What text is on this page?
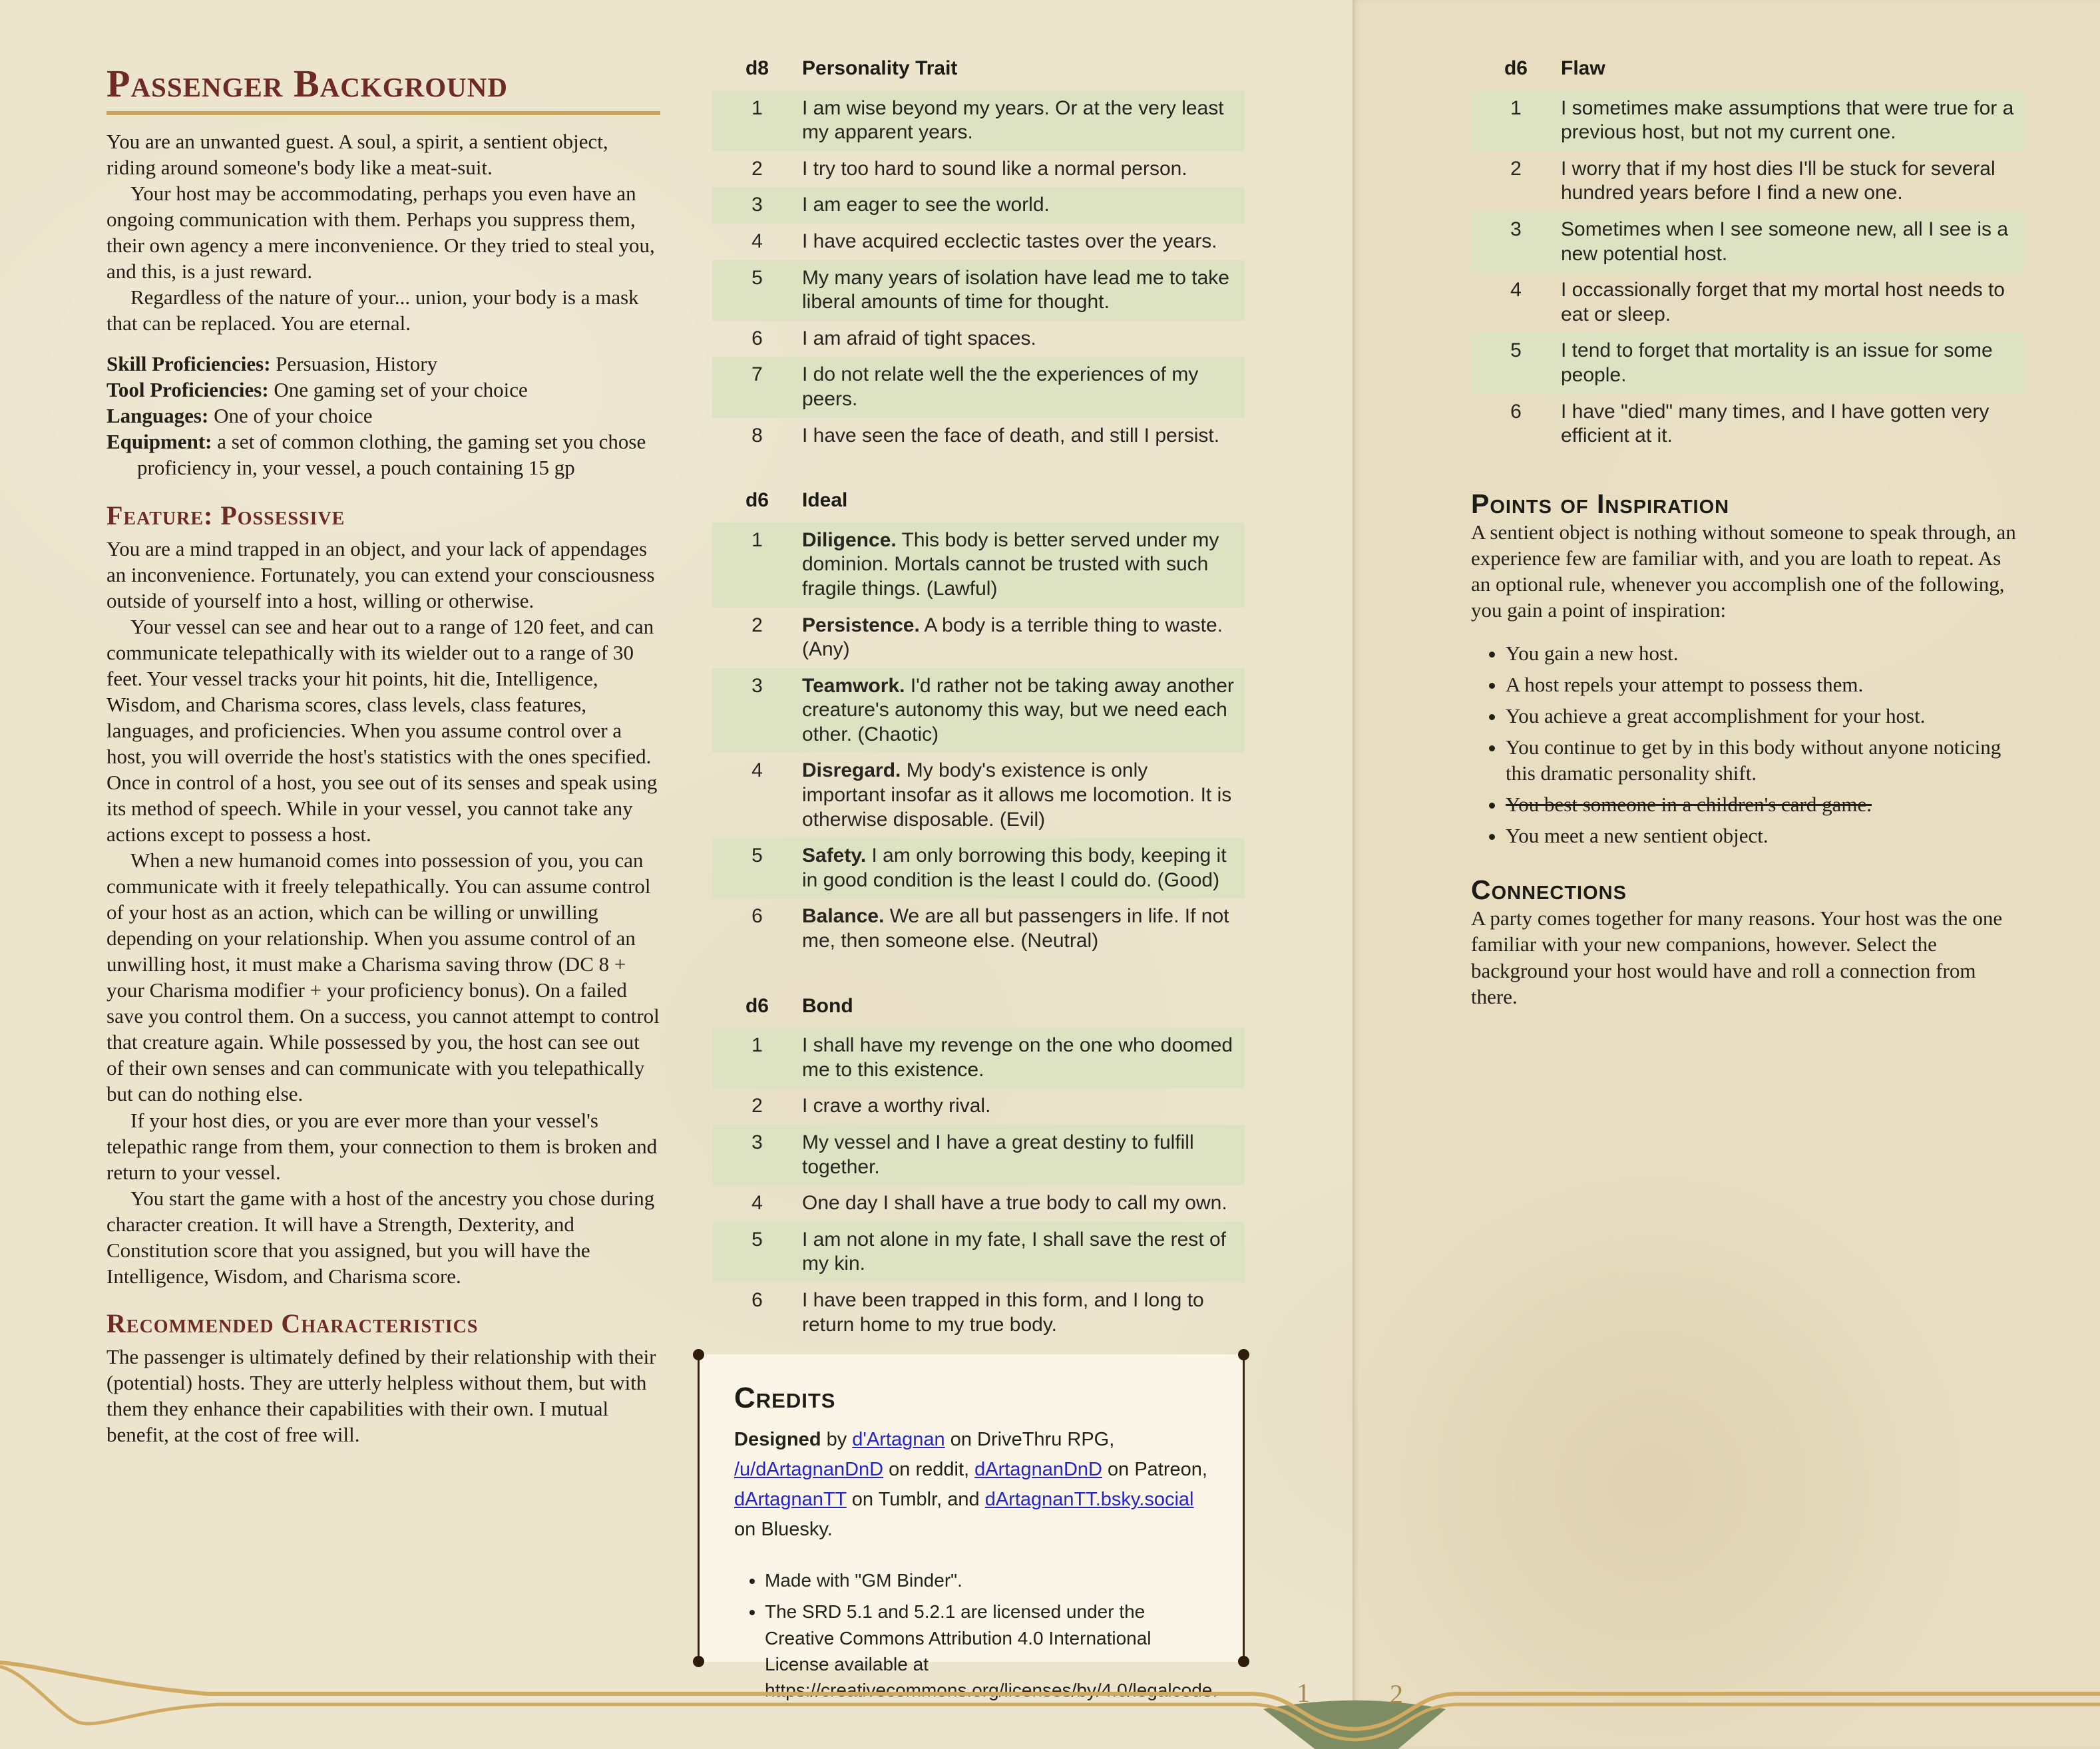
Passenger Background

You are an unwanted guest. A soul, a spirit, a sentient object, riding around someone's body like a meat-suit.

Your host may be accommodating, perhaps you even have an ongoing communication with them. Perhaps you suppress them, their own agency a mere inconvenience. Or they tried to steal you, and this, is a just reward.

Regardless of the nature of your... union, your body is a mask that can be replaced. You are eternal.

Skill Proficiencies: Persuasion, History

Tool Proficiencies: One gaming set of your choice

Languages: One of your choice

Equipment: a set of common clothing, the gaming set you chose proficiency in, your vessel, a pouch containing 15 gp

Feature: Possessive

You are a mind trapped in an object, and your lack of appendages an inconvenience. Fortunately, you can extend your consciousness outside of yourself into a host, willing or otherwise.

Your vessel can see and hear out to a range of 120 feet, and can communicate telepathically with its wielder out to a range of 30 feet. Your vessel tracks your hit points, hit die, Intelligence, Wisdom, and Charisma scores, class levels, class features, languages, and proficiencies. When you assume control over a host, you will override the host's statistics with the ones specified. Once in control of a host, you see out of its senses and speak using its method of speech. While in your vessel, you cannot take any actions except to possess a host.

When a new humanoid comes into possession of you, you can communicate with it freely telepathically. You can assume control of your host as an action, which can be willing or unwilling depending on your relationship. When you assume control of an unwilling host, it must make a Charisma saving throw (DC 8 + your Charisma modifier + your proficiency bonus). On a failed save you control them. On a success, you cannot attempt to control that creature again. While possessed by you, the host can see out of their own senses and can communicate with you telepathically but can do nothing else.

If your host dies, or you are ever more than your vessel's telepathic range from them, your connection to them is broken and return to your vessel.

You start the game with a host of the ancestry you chose during character creation. It will have a Strength, Dexterity, and Constitution score that you assigned, but you will have the Intelligence, Wisdom, and Charisma score.

Recommended Characteristics

The passenger is ultimately defined by their relationship with their (potential) hosts. They are utterly helpless without them, but with them they enhance their capabilities with their own. I mutual benefit, at the cost of free will.

d8	Personality Trait
1	I am wise beyond my years. Or at the very least my apparent years.
2	I try too hard to sound like a normal person.
3	I am eager to see the world.
4	I have acquired ecclectic tastes over the years.
5	My many years of isolation have lead me to take liberal amounts of time for thought.
6	I am afraid of tight spaces.
7	I do not relate well the the experiences of my peers.
8	I have seen the face of death, and still I persist.
d6	Ideal
1	Diligence. This body is better served under my dominion. Mortals cannot be trusted with such fragile things. (Lawful)
2	Persistence. A body is a terrible thing to waste. (Any)
3	Teamwork. I'd rather not be taking away another creature's autonomy this way, but we need each other. (Chaotic)
4	Disregard. My body's existence is only important insofar as it allows me locomotion. It is otherwise disposable. (Evil)
5	Safety. I am only borrowing this body, keeping it in good condition is the least I could do. (Good)
6	Balance. We are all but passengers in life. If not me, then someone else. (Neutral)
d6	Bond
1	I shall have my revenge on the one who doomed me to this existence.
2	I crave a worthy rival.
3	My vessel and I have a great destiny to fulfill together.
4	One day I shall have a true body to call my own.
5	I am not alone in my fate, I shall save the rest of my kin.
6	I have been trapped in this form, and I long to return home to my true body.
d6	Flaw
1	I sometimes make assumptions that were true for a previous host, but not my current one.
2	I worry that if my host dies I'll be stuck for several hundred years before I find a new one.
3	Sometimes when I see someone new, all I see is a new potential host.
4	I occassionally forget that my mortal host needs to eat or sleep.
5	I tend to forget that mortality is an issue for some people.
6	I have "died" many times, and I have gotten very efficient at it.
Points of Inspiration

A sentient object is nothing without someone to speak through, an experience few are familiar with, and you are loath to repeat. As an optional rule, whenever you accomplish one of the following, you gain a point of inspiration:

• You gain a new host.
• A host repels your attempt to possess them.
• You achieve a great accomplishment for your host.
• You continue to get by in this body without anyone noticing this dramatic personality shift.
• You best someone in a children's card game.
• You meet a new sentient object.
Connections

A party comes together for many reasons. Your host was the one familiar with your new companions, however. Select the background your host would have and roll a connection from there.

Credits

Designed by d'Artagnan on DriveThru RPG, /u/dArtagnanDnD on reddit, dArtagnanDnD on Patreon, dArtagnanTT on Tumblr, and dArtagnanTT.bsky.social on Bluesky.

• Made with "GM Binder".
• The SRD 5.1 and 5.2.1 are licensed under the Creative Commons Attribution 4.0 International License available at https://creativecommons.org/licenses/by/4.0/legalcode.	1	2
